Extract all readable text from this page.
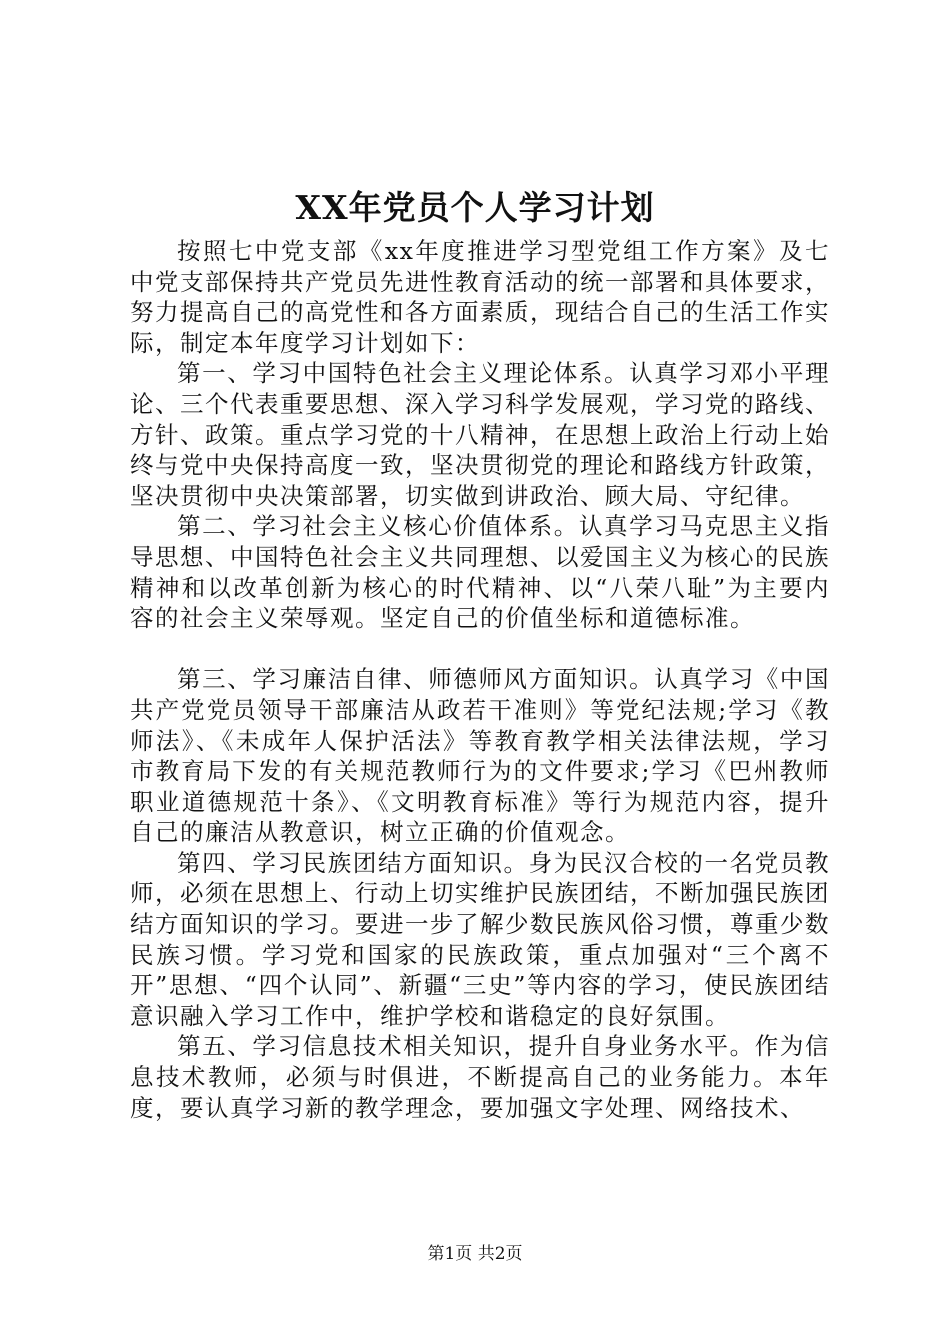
XX年党员个人学习计划

按照七中党支部《xx年度推进学习型党组工作方案》及七中党支部保持共产党员先进性教育活动的统一部署和具体要求，努力提高自己的高党性和各方面素质，现结合自己的生活工作实际，制定本年度学习计划如下：

第一、学习中国特色社会主义理论体系。认真学习邓小平理论、三个代表重要思想、深入学习科学发展观，学习党的路线、方针、政策。重点学习党的十八精神，在思想上政治上行动上始终与党中央保持高度一致，坚决贯彻党的理论和路线方针政策，坚决贯彻中央决策部署，切实做到讲政治、顾大局、守纪律。

第二、学习社会主义核心价值体系。认真学习马克思主义指导思想、中国特色社会主义共同理想、以爱国主义为核心的民族精神和以改革创新为核心的时代精神、以“八荣八耻”为主要内容的社会主义荣辱观。坚定自己的价值坐标和道德标准。

第三、学习廉洁自律、师德师风方面知识。认真学习《中国共产党党员领导干部廉洁从政若干准则》等党纪法规;学习《教师法》、《未成年人保护活法》等教育教学相关法律法规，学习市教育局下发的有关规范教师行为的文件要求;学习《巴州教师职业道德规范十条》、《文明教育标准》等行为规范内容，提升自己的廉洁从教意识，树立正确的价值观念。

第四、学习民族团结方面知识。身为民汉合校的一名党员教师，必须在思想上、行动上切实维护民族团结，不断加强民族团结方面知识的学习。要进一步了解少数民族风俗习惯，尊重少数民族习惯。学习党和国家的民族政策，重点加强对“三个离不开”思想、“四个认同”、新疆“三史”等内容的学习，使民族团结意识融入学习工作中，维护学校和谐稳定的良好氛围。

第五、学习信息技术相关知识，提升自身业务水平。作为信息技术教师，必须与时俱进，不断提高自己的业务能力。本年度，要认真学习新的教学理念，要加强文字处理、网络技术、

第1页 共2页
